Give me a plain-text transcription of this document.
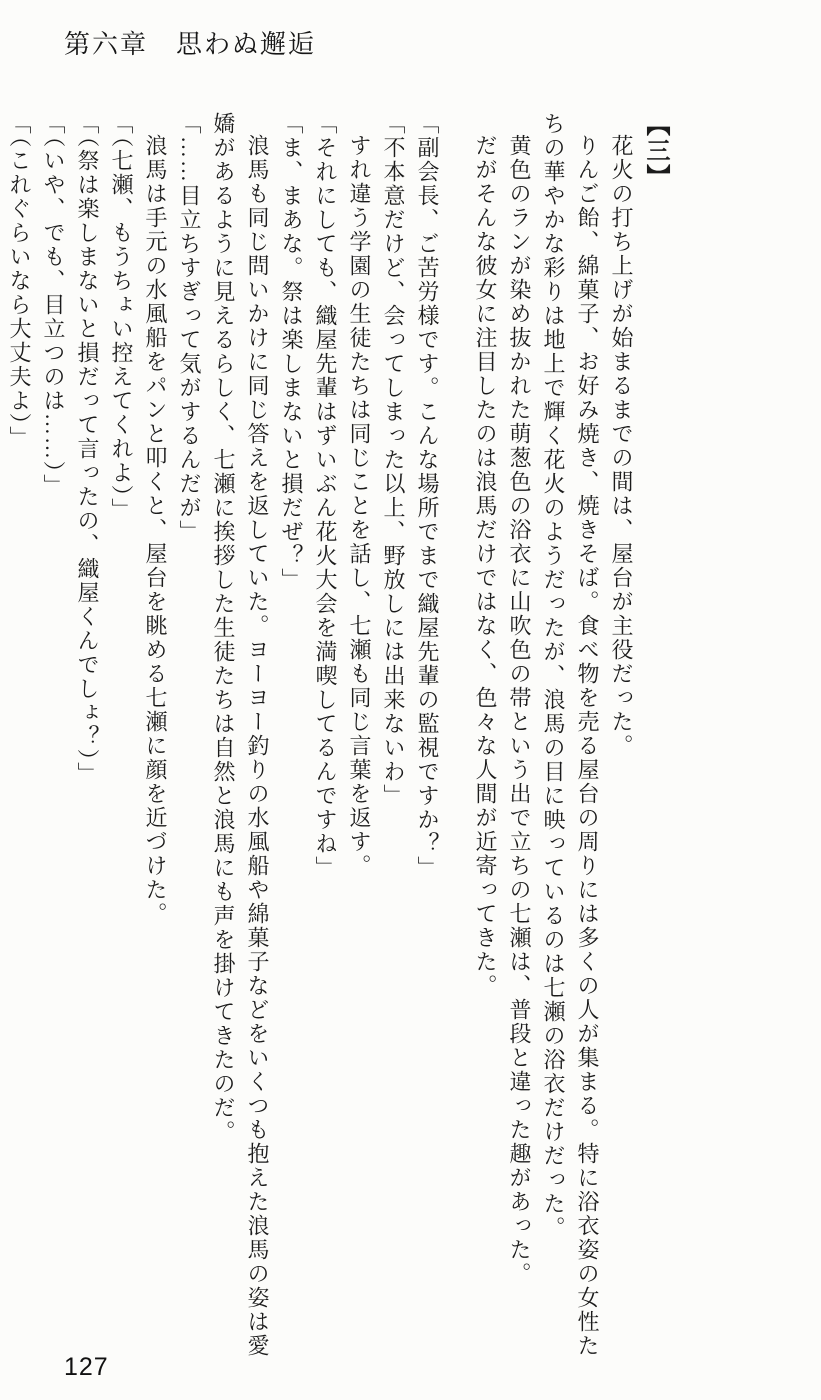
第六章　思わぬ邂逅

【三】

花火の打ち上げが始まるまでの間は、屋台が主役だった。

りんご飴、綿菓子、お好み焼き、焼きそば。食べ物を売る屋台の周りには多くの人が集まる。特に浴衣姿の女性たちの華やかな彩りは地上で輝く花火のようだったが、浪馬の目に映っているのは七瀬の浴衣だけだった。

黄色のランが染め抜かれた萌葱色の浴衣に山吹色の帯という出で立ちの七瀬は、普段と違った趣があった。

だがそんな彼女に注目したのは浪馬だけではなく、色々な人間が近寄ってきた。

「副会長、ご苦労様です。こんな場所でまで織屋先輩の監視ですか？」

「不本意だけど、会ってしまった以上、野放しには出来ないわ」

すれ違う学園の生徒たちは同じことを話し、七瀬も同じ言葉を返す。

「それにしても、織屋先輩はずいぶん花火大会を満喫してるんですね」

「ま、まあな。祭は楽しまないと損だぜ？」

浪馬も同じ問いかけに同じ答えを返していた。ヨーヨー釣りの水風船や綿菓子などをいくつも抱えた浪馬の姿は愛嬌があるように見えるらしく、七瀬に挨拶した生徒たちは自然と浪馬にも声を掛けてきたのだ。

「……目立ちすぎって気がするんだが」

浪馬は手元の水風船をパンと叩くと、屋台を眺める七瀬に顔を近づけた。

「（七瀬、もうちょい控えてくれよ）」

「（祭は楽しまないと損だって言ったの、織屋くんでしょ？）」

「（いや、でも、目立つのは……）」

「（これぐらいなら大丈夫よ）」

127
